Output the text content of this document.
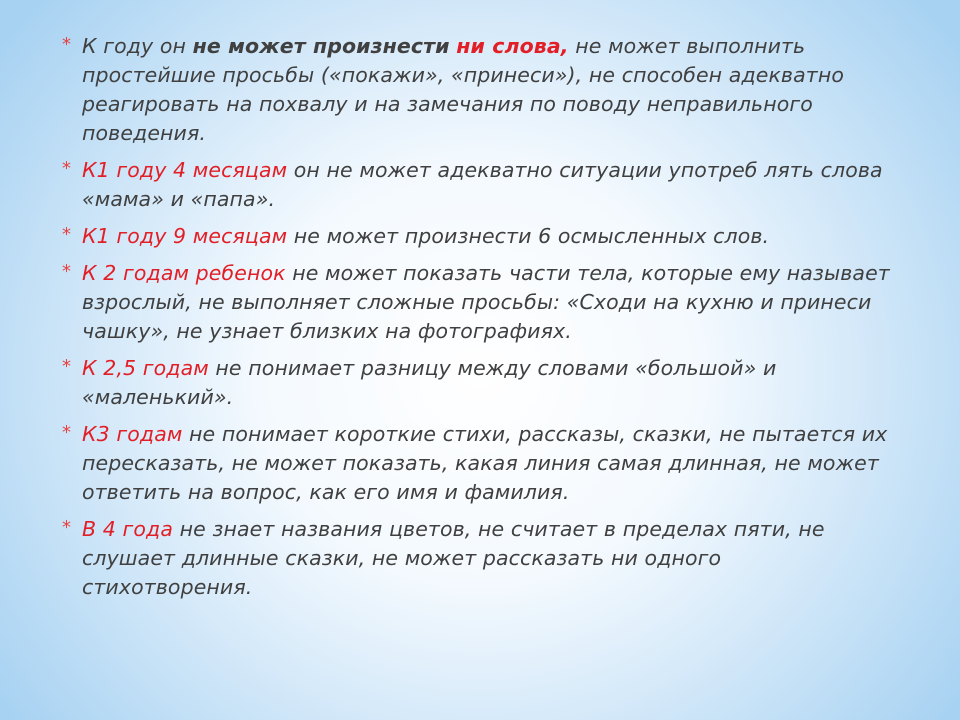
* К году он не может произнести ни слова, не может выполнить простейшие просьбы («покажи», «принеси»), не способен адекватно реагировать на похвалу и на замечания по поводу неправильного поведения.
* К1 году 4 месяцам он не может адекватно ситуации употреб лять слова «мама» и «папа».
* К1 году 9 месяцам не может произнести 6 осмысленных слов.
* К 2 годам ребенок не может показать части тела, которые ему называет взрослый, не выполняет сложные просьбы: «Сходи на кухню и принеси чашку», не узнает близких на фотографиях.
* К 2,5 годам не понимает разницу между словами «большой» и «маленький».
* К3 годам не понимает короткие стихи, рассказы, сказки, не пытается их пересказать, не может показать, какая линия самая длинная, не может ответить на вопрос, как его имя и фамилия.
* В 4 года не знает названия цветов, не считает в пределах пяти, не слушает длинные сказки, не может рассказать ни одного стихотворения.
